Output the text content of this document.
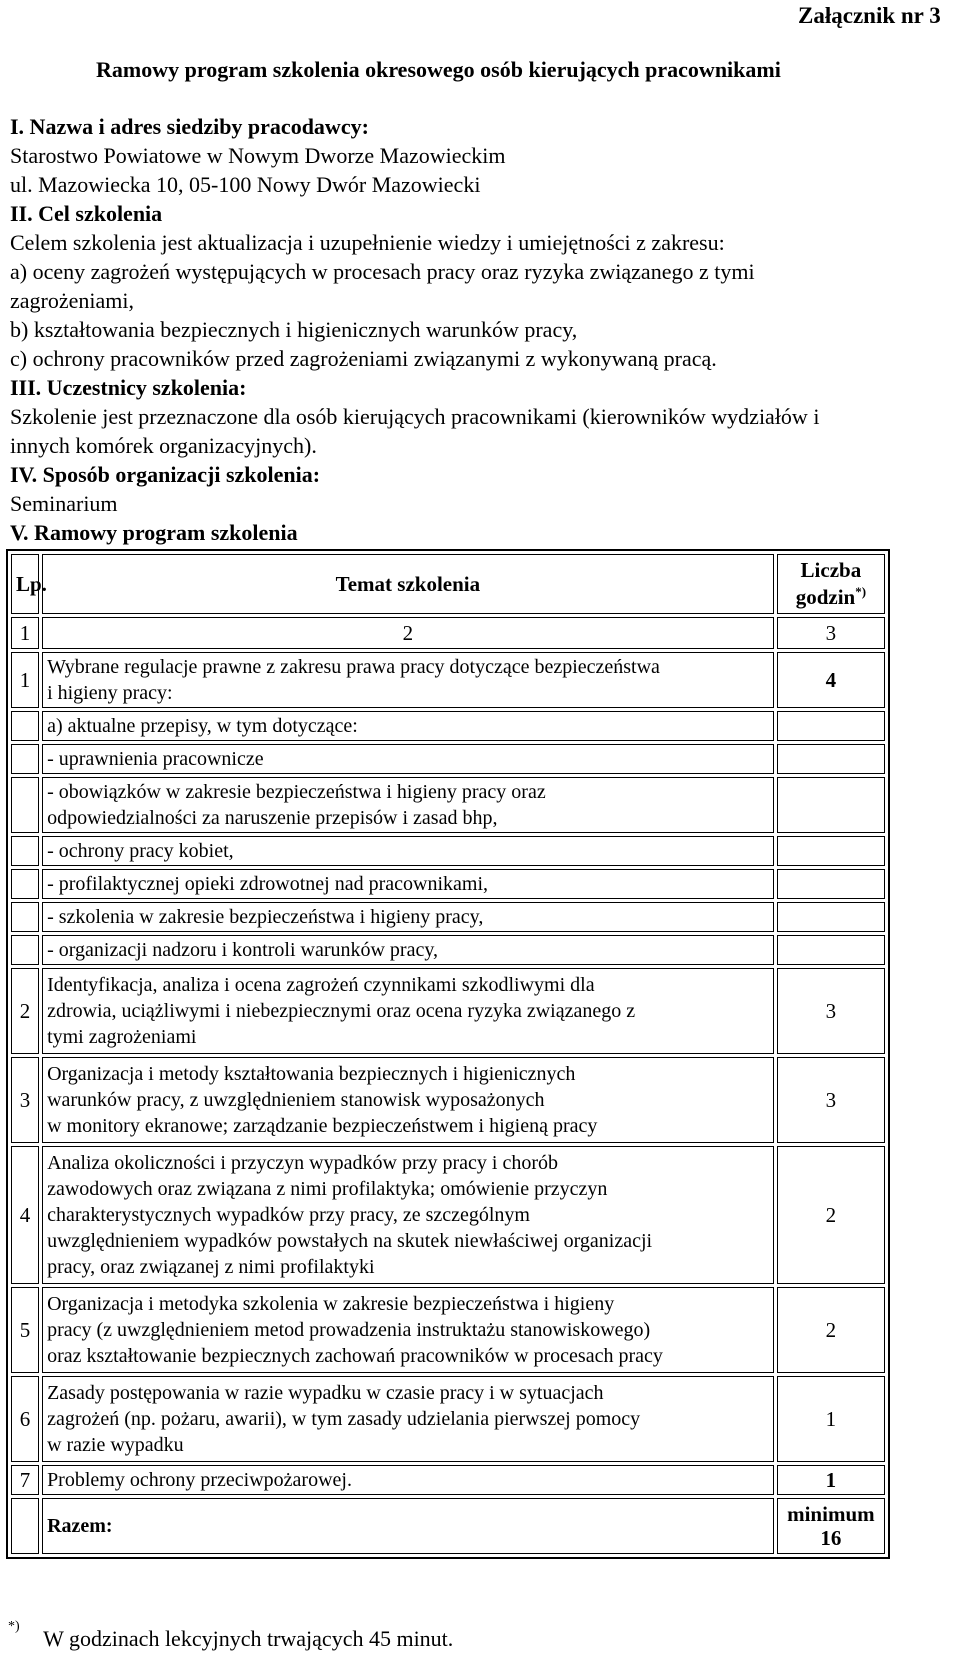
Załącznik nr 3
Ramowy program szkolenia okresowego osób kierujących pracownikami
I. Nazwa i adres siedziby pracodawcy:
Starostwo Powiatowe w Nowym Dworze Mazowieckim
ul. Mazowiecka 10, 05-100 Nowy Dwór Mazowiecki
II. Cel szkolenia
Celem szkolenia jest aktualizacja i uzupełnienie wiedzy i umiejętności z zakresu:
a) oceny zagrożeń występujących w procesach pracy oraz ryzyka związanego z tymi
zagrożeniami,
b) kształtowania bezpiecznych i higienicznych warunków pracy,
c) ochrony pracowników przed zagrożeniami związanymi z wykonywaną pracą.
III. Uczestnicy szkolenia:
Szkolenie jest przeznaczone dla osób kierujących pracownikami (kierowników wydziałów i
innych komórek organizacyjnych).
IV. Sposób organizacji szkolenia:
Seminarium
V. Ramowy program szkolenia
Lp.	Temat szkolenia	Liczba
godzin*)

1	2	3
1	Wybrane regulacje prawne z zakresu prawa pracy dotyczące bezpieczeństwa
i higieny pracy:	4

	a) aktualne przepisy, w tym dotyczące:	

	- uprawnienia pracownicze	

	- obowiązków w zakresie bezpieczeństwa i higieny pracy oraz
odpowiedzialności za naruszenie przepisów i zasad bhp,	

	- ochrony pracy kobiet,	

	- profilaktycznej opieki zdrowotnej nad pracownikami,	

	- szkolenia w zakresie bezpieczeństwa i higieny pracy,	

	- organizacji nadzoru i kontroli warunków pracy,	

2	Identyfikacja, analiza i ocena zagrożeń czynnikami szkodliwymi dla
zdrowia, uciążliwymi i niebezpiecznymi oraz ocena ryzyka związanego z
tymi zagrożeniami	3
3	Organizacja i metody kształtowania bezpiecznych i higienicznych
warunków pracy, z uwzględnieniem stanowisk wyposażonych
w monitory ekranowe; zarządzanie bezpieczeństwem i higieną pracy	3
4	Analiza okoliczności i przyczyn wypadków przy pracy i chorób
zawodowych oraz związana z nimi profilaktyka; omówienie przyczyn
charakterystycznych wypadków przy pracy, ze szczególnym
uwzględnieniem wypadków powstałych na skutek niewłaściwej organizacji
pracy, oraz związanej z nimi profilaktyki	2
5	Organizacja i metodyka szkolenia w zakresie bezpieczeństwa i higieny
pracy (z uwzględnieniem metod prowadzenia instruktażu stanowiskowego)
oraz kształtowanie bezpiecznych zachowań pracowników w procesach pracy	2
6	Zasady postępowania w razie wypadku w czasie pracy i w sytuacjach
zagrożeń (np. pożaru, awarii), w tym zasady udzielania pierwszej pomocy
w razie wypadku	1
7	Problemy ochrony przeciwpożarowej.	1
	Razem:	minimum
16
*) W godzinach lekcyjnych trwających 45 minut.
